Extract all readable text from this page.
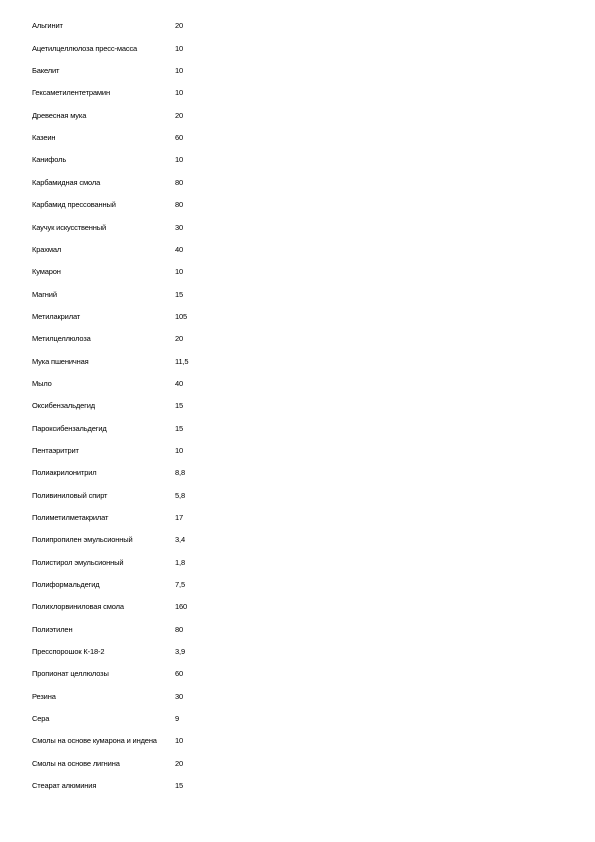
Альгинит	20
Ацетилцеллюлоза пресс-масса	10
Бакелит	10
Гексаметилентетрамин	10
Древесная мука	20
Казеин	60
Канифоль	10
Карбамидная смола	80
Карбамид прессованный	80
Каучук искусственный	30
Крахмал	40
Кумарон	10
Магний	15
Метилакрилат	105
Метилцеллюлоза	20
Мука пшеничная	11,5
Мыло	40
Оксибензальдегид	15
Пароксибензальдегид	15
Пентаэритрит	10
Полиакрилонитрил	8,8
Поливиниловый спирт	5,8
Полиметилметакрилат	17
Полипропилен эмульсионный	3,4
Полистирол эмульсионный	1,8
Полиформальдегид	7,5
Полихлорвиниловая смола	160
Полиэтилен	80
Пресспорошок К-18-2	3,9
Пропионат целлюлозы	60
Резина	30
Сера	9
Смолы на основе кумарона и индена	10
Смолы на основе лигнина	20
Стеарат алюминия	15
